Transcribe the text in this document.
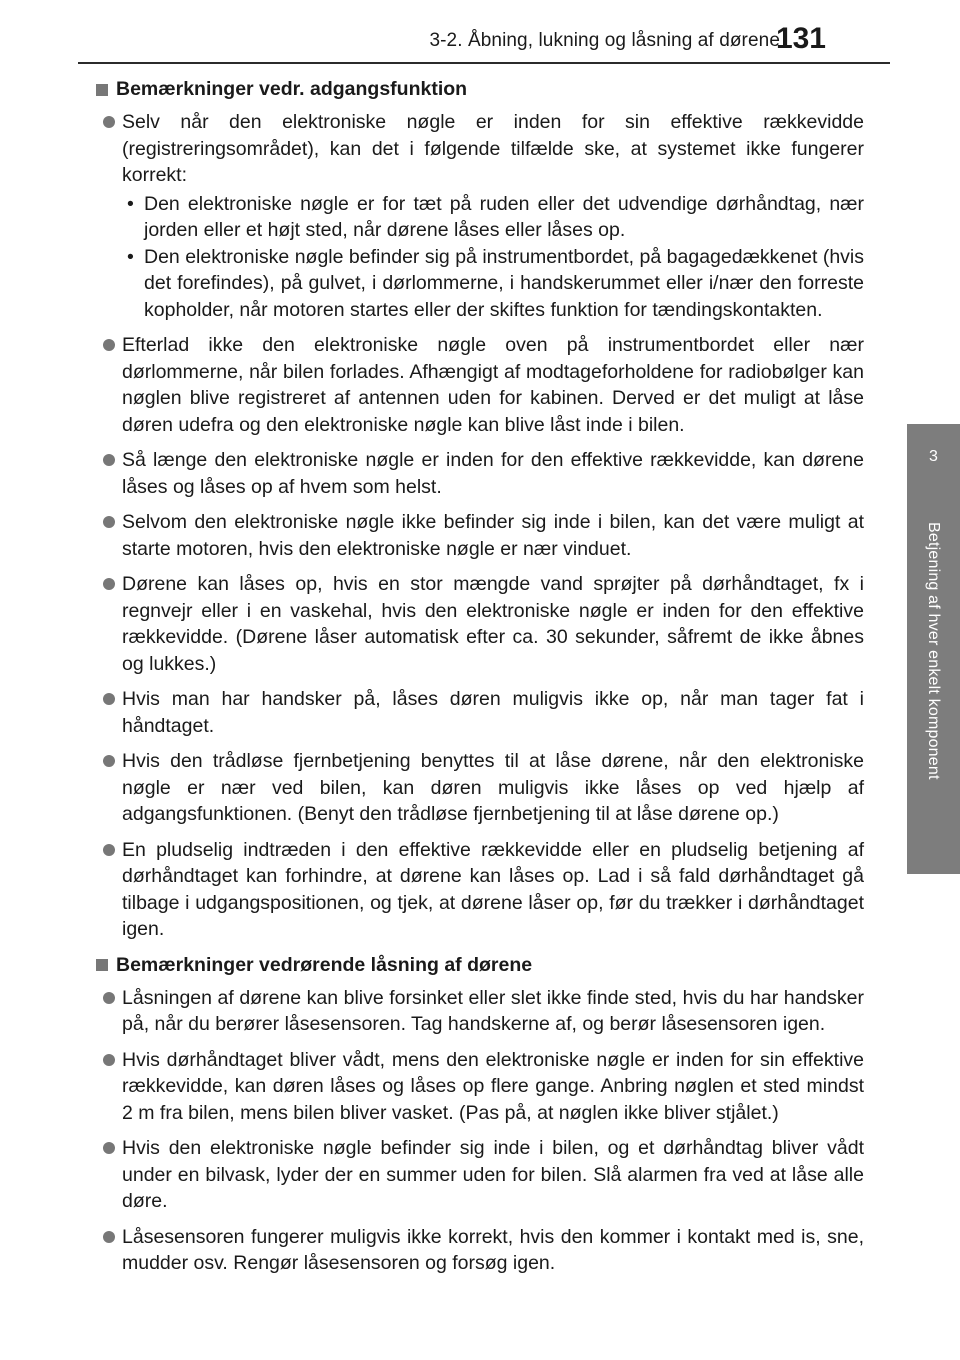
3-2. Åbning, lukning og låsning af dørene
131
3
Betjening af hver enkelt komponent
Bemærkninger vedr. adgangsfunktion
Selv når den elektroniske nøgle er inden for sin effektive rækkevidde (registreringsområdet), kan det i følgende tilfælde ske, at systemet ikke fungerer korrekt:
• Den elektroniske nøgle er for tæt på ruden eller det udvendige dørhåndtag, nær jorden eller et højt sted, når dørene låses eller låses op.
• Den elektroniske nøgle befinder sig på instrumentbordet, på bagagedækkenet (hvis det forefindes), på gulvet, i dørlommerne, i handskerummet eller i/nær den forreste kopholder, når motoren startes eller der skiftes funktion for tændingskontakten.
Efterlad ikke den elektroniske nøgle oven på instrumentbordet eller nær dørlommerne, når bilen forlades. Afhængigt af modtageforholdene for radiobølger kan nøglen blive registreret af antennen uden for kabinen. Derved er det muligt at låse døren udefra og den elektroniske nøgle kan blive låst inde i bilen.
Så længe den elektroniske nøgle er inden for den effektive rækkevidde, kan dørene låses og låses op af hvem som helst.
Selvom den elektroniske nøgle ikke befinder sig inde i bilen, kan det være muligt at starte motoren, hvis den elektroniske nøgle er nær vinduet.
Dørene kan låses op, hvis en stor mængde vand sprøjter på dørhåndtaget, fx i regnvejr eller i en vaskehal, hvis den elektroniske nøgle er inden for den effektive rækkevidde. (Dørene låser automatisk efter ca. 30 sekunder, såfremt de ikke åbnes og lukkes.)
Hvis man har handsker på, låses døren muligvis ikke op, når man tager fat i håndtaget.
Hvis den trådløse fjernbetjening benyttes til at låse dørene, når den elektroniske nøgle er nær ved bilen, kan døren muligvis ikke låses op ved hjælp af adgangsfunktionen. (Benyt den trådløse fjernbetjening til at låse dørene op.)
En pludselig indtræden i den effektive rækkevidde eller en pludselig betjening af dørhåndtaget kan forhindre, at dørene kan låses op. Lad i så fald dørhåndtaget gå tilbage i udgangspositionen, og tjek, at dørene låser op, før du trækker i dørhåndtaget igen.
Bemærkninger vedrørende låsning af dørene
Låsningen af dørene kan blive forsinket eller slet ikke finde sted, hvis du har handsker på, når du berører låsesensoren. Tag handskerne af, og berør låsesensoren igen.
Hvis dørhåndtaget bliver vådt, mens den elektroniske nøgle er inden for sin effektive rækkevidde, kan døren låses og låses op flere gange. Anbring nøglen et sted mindst 2 m fra bilen, mens bilen bliver vasket. (Pas på, at nøglen ikke bliver stjålet.)
Hvis den elektroniske nøgle befinder sig inde i bilen, og et dørhåndtag bliver vådt under en bilvask, lyder der en summer uden for bilen. Slå alarmen fra ved at låse alle døre.
Låsesensoren fungerer muligvis ikke korrekt, hvis den kommer i kontakt med is, sne, mudder osv. Rengør låsesensoren og forsøg igen.
